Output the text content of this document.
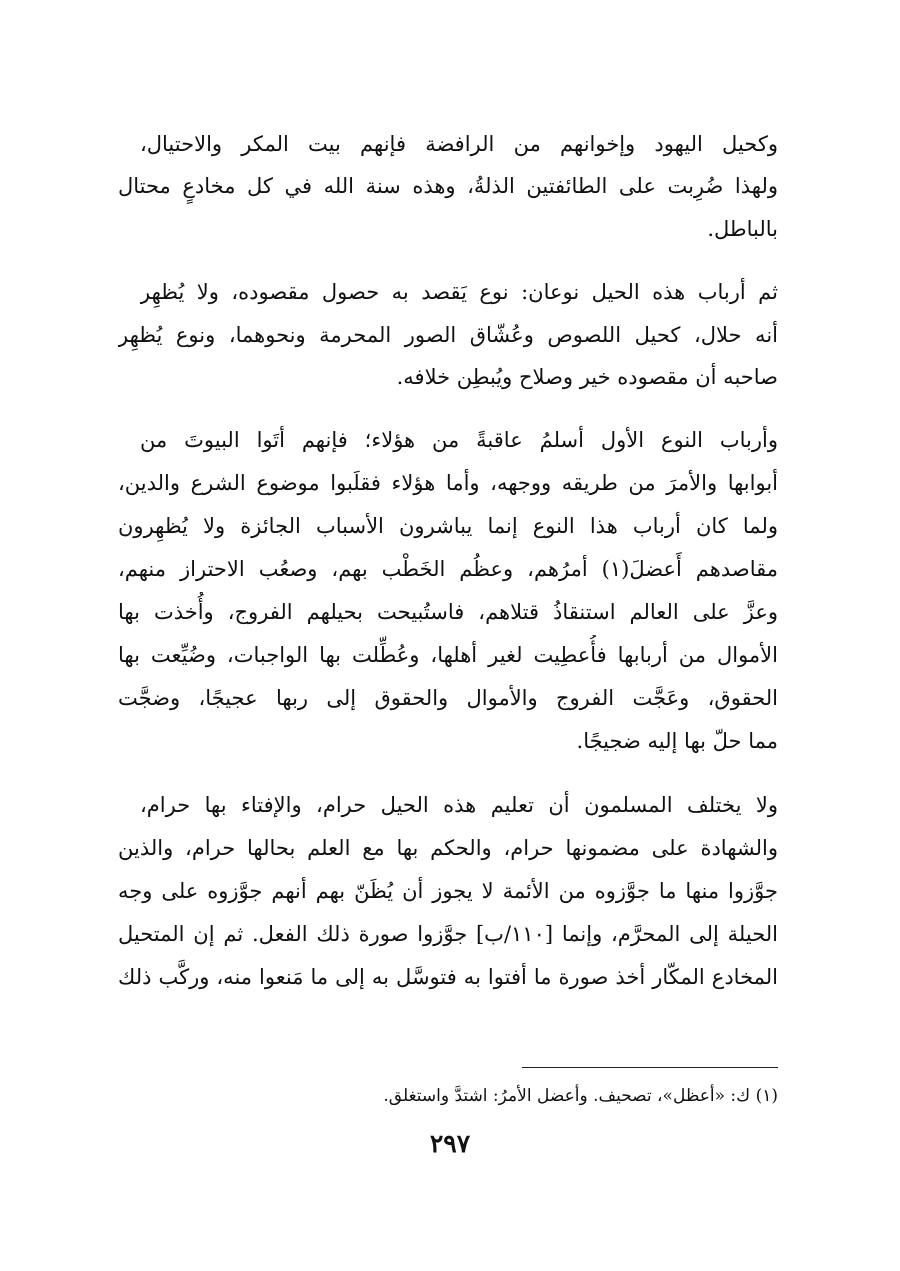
وكحيل اليهود وإخوانهم من الرافضة فإنهم بيت المكر والاحتيال،
ولهذا ضُرِبت على الطائفتين الذلةُ، وهذه سنة الله في كل مخادعٍ محتال
بالباطل.
ثم أرباب هذه الحيل نوعان: نوع يَقصد به حصول مقصوده، ولا يُظهِر
أنه حلال، كحيل اللصوص وعُشّاق الصور المحرمة ونحوهما، ونوع يُظهِر
صاحبه أن مقصوده خير وصلاح ويُبطِن خلافه.
وأرباب النوع الأول أسلمُ عاقبةً من هؤلاء؛ فإنهم أتَوا البيوتَ من
أبوابها والأمرَ من طريقه ووجهه، وأما هؤلاء فقلَبوا موضوع الشرع والدين،
ولما كان أرباب هذا النوع إنما يباشرون الأسباب الجائزة ولا يُظهِرون
مقاصدهم أَعضلَ(١) أمرُهم، وعظُم الخَطْب بهم، وصعُب الاحتراز منهم،
وعزَّ على العالم استنقاذُ قتلاهم، فاستُبيحت بحيلهم الفروج، وأُخذت بها
الأموال من أربابها فأُعطِيت لغير أهلها، وعُطِّلت بها الواجبات، وضُيِّعت بها
الحقوق، وعَجَّت الفروج والأموال والحقوق إلى ربها عجيجًا، وضجَّت
مما حلّ بها إليه ضجيجًا.
ولا يختلف المسلمون أن تعليم هذه الحيل حرام، والإفتاء بها حرام،
والشهادة على مضمونها حرام، والحكم بها مع العلم بحالها حرام، والذين
جوَّزوا منها ما جوَّزوه من الأئمة لا يجوز أن يُظَنّ بهم أنهم جوَّزوه على وجه
الحيلة إلى المحرَّم، وإنما [١١٠/ب] جوَّزوا صورة ذلك الفعل. ثم إن المتحيل
المخادع المكّار أخذ صورة ما أفتوا به فتوسَّل به إلى ما مَنعوا منه، وركَّب ذلك
(١) ك: «أعظل»، تصحيف. وأعضل الأمرُ: اشتدَّ واستغلق.
٢٩٧
